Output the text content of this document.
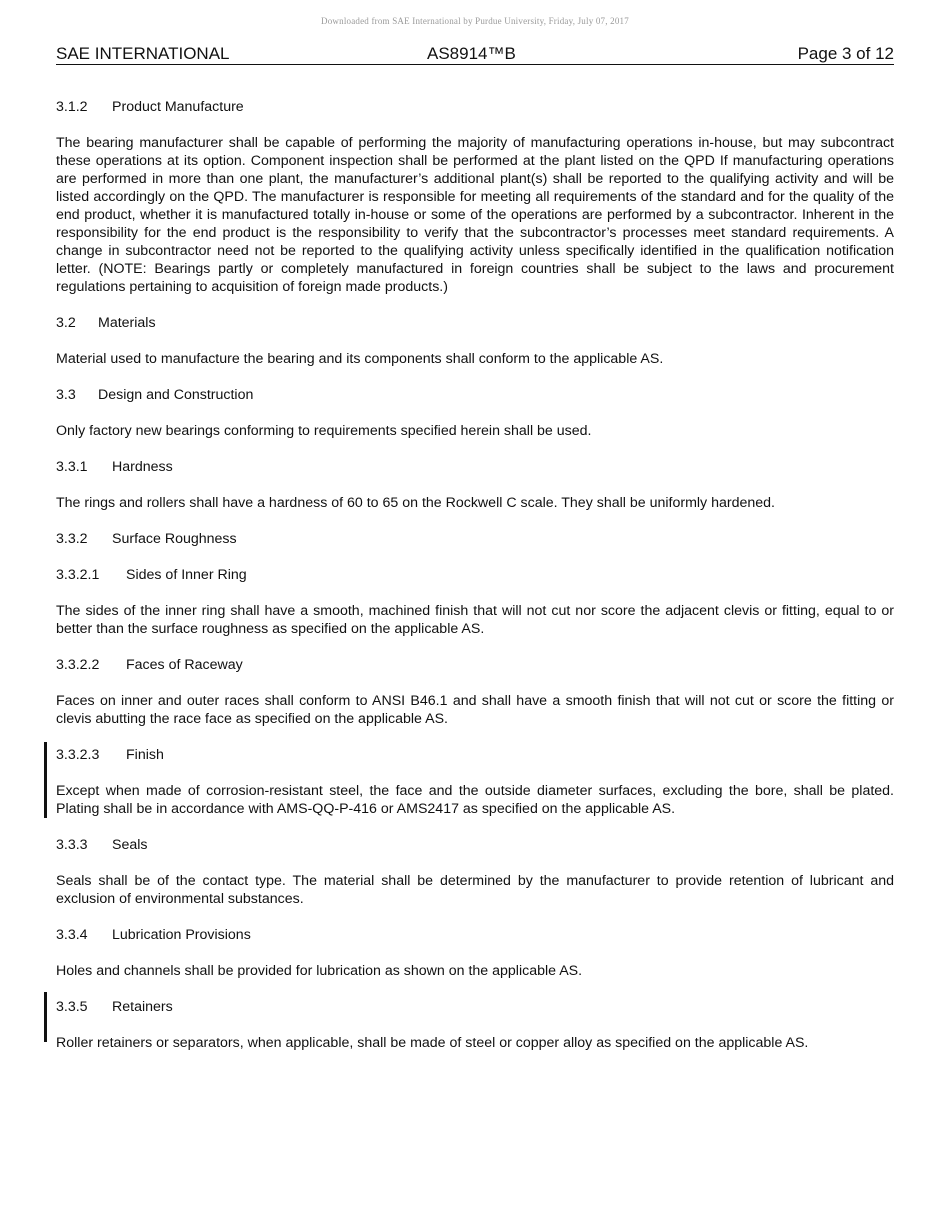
Downloaded from SAE International by Purdue University, Friday, July 07, 2017
SAE INTERNATIONAL	AS8914™B	Page 3 of 12
3.1.2 Product Manufacture

The bearing manufacturer shall be capable of performing the majority of manufacturing operations in-house, but may subcontract these operations at its option. Component inspection shall be performed at the plant listed on the QPD If manufacturing operations are performed in more than one plant, the manufacturer’s additional plant(s) shall be reported to the qualifying activity and will be listed accordingly on the QPD. The manufacturer is responsible for meeting all requirements of the standard and for the quality of the end product, whether it is manufactured totally in-house or some of the operations are performed by a subcontractor. Inherent in the responsibility for the end product is the responsibility to verify that the subcontractor’s processes meet standard requirements. A change in subcontractor need not be reported to the qualifying activity unless specifically identified in the qualification notification letter. (NOTE: Bearings partly or completely manufactured in foreign countries shall be subject to the laws and procurement regulations pertaining to acquisition of foreign made products.)

3.2 Materials

Material used to manufacture the bearing and its components shall conform to the applicable AS.

3.3 Design and Construction

Only factory new bearings conforming to requirements specified herein shall be used.

3.3.1 Hardness

The rings and rollers shall have a hardness of 60 to 65 on the Rockwell C scale. They shall be uniformly hardened.

3.3.2 Surface Roughness
3.3.2.1 Sides of Inner Ring

The sides of the inner ring shall have a smooth, machined finish that will not cut nor score the adjacent clevis or fitting, equal to or better than the surface roughness as specified on the applicable AS.

3.3.2.2 Faces of Raceway

Faces on inner and outer races shall conform to ANSI B46.1 and shall have a smooth finish that will not cut or score the fitting or clevis abutting the race face as specified on the applicable AS.

3.3.2.3 Finish

Except when made of corrosion-resistant steel, the face and the outside diameter surfaces, excluding the bore, shall be plated. Plating shall be in accordance with AMS-QQ-P-416 or AMS2417 as specified on the applicable AS.

3.3.3 Seals

Seals shall be of the contact type. The material shall be determined by the manufacturer to provide retention of lubricant and exclusion of environmental substances.

3.3.4 Lubrication Provisions

Holes and channels shall be provided for lubrication as shown on the applicable AS.

3.3.5 Retainers

Roller retainers or separators, when applicable, shall be made of steel or copper alloy as specified on the applicable AS.
